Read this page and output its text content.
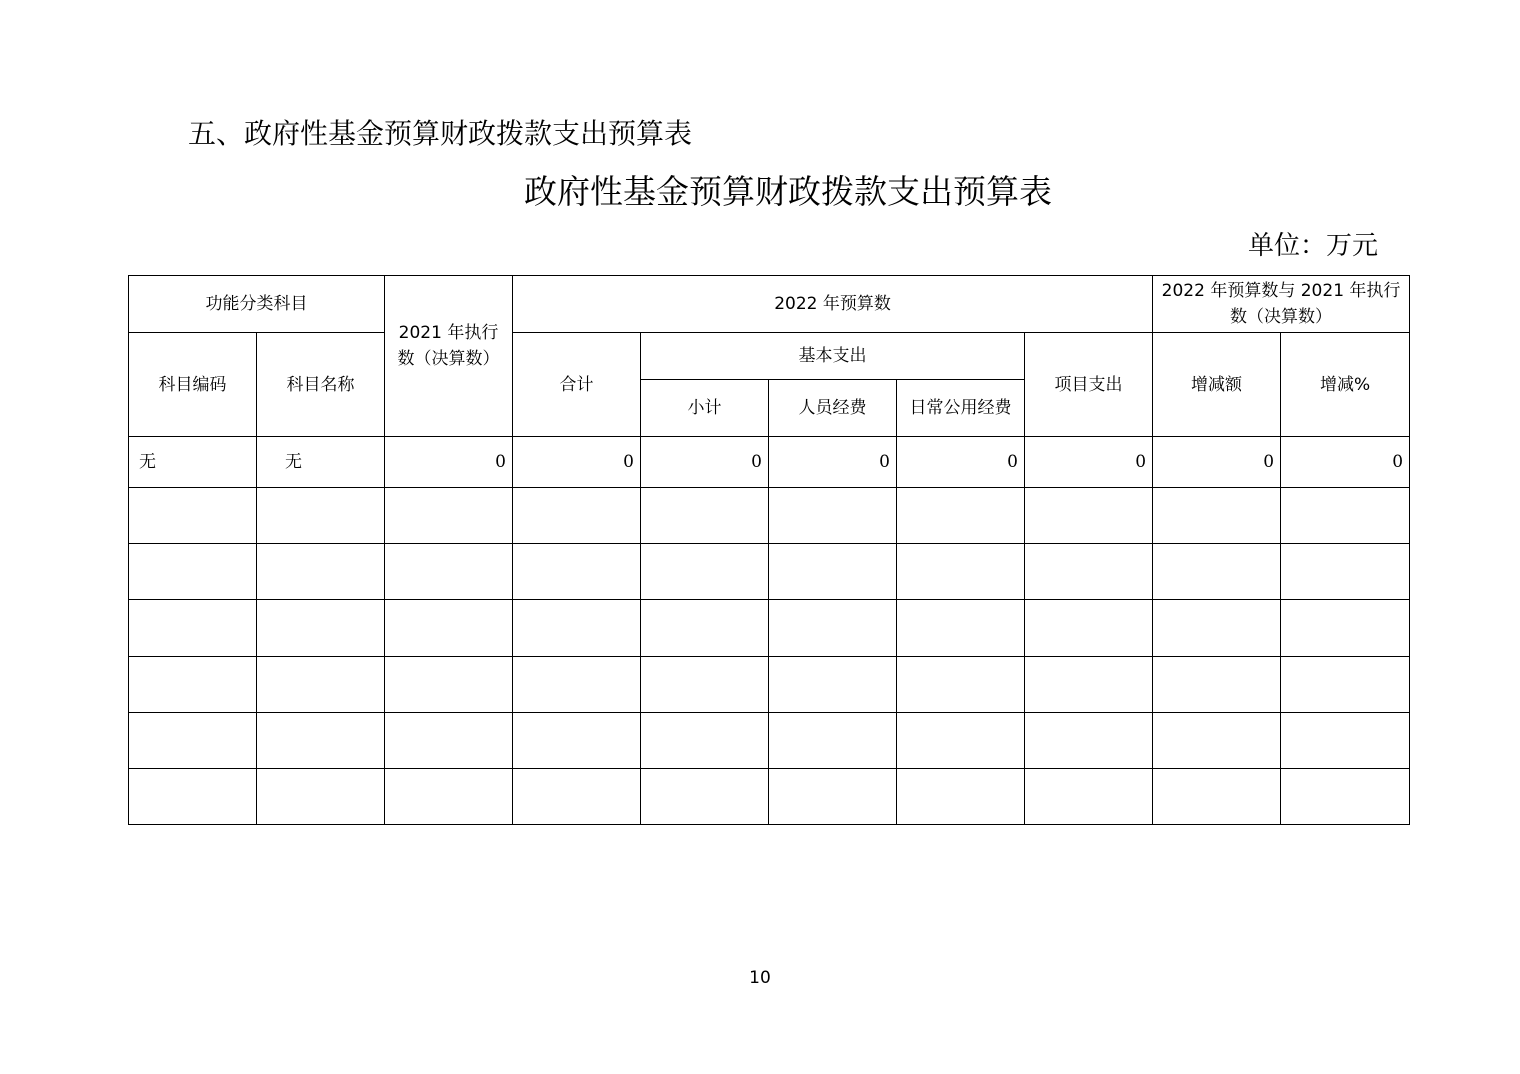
五、政府性基金预算财政拨款支出预算表
政府性基金预算财政拨款支出预算表
单位：万元
功能分类科目		2021 年执行数（决算数）	2022 年预算数					2022 年预算数与 2021 年执行数（决算数）	
科目编码	科目名称		合计	基本支出			项目支出	增减额	增减%
				小计	人员经费	日常公用经费			
无	无	0	0	0	0	0	0	0	0

10
